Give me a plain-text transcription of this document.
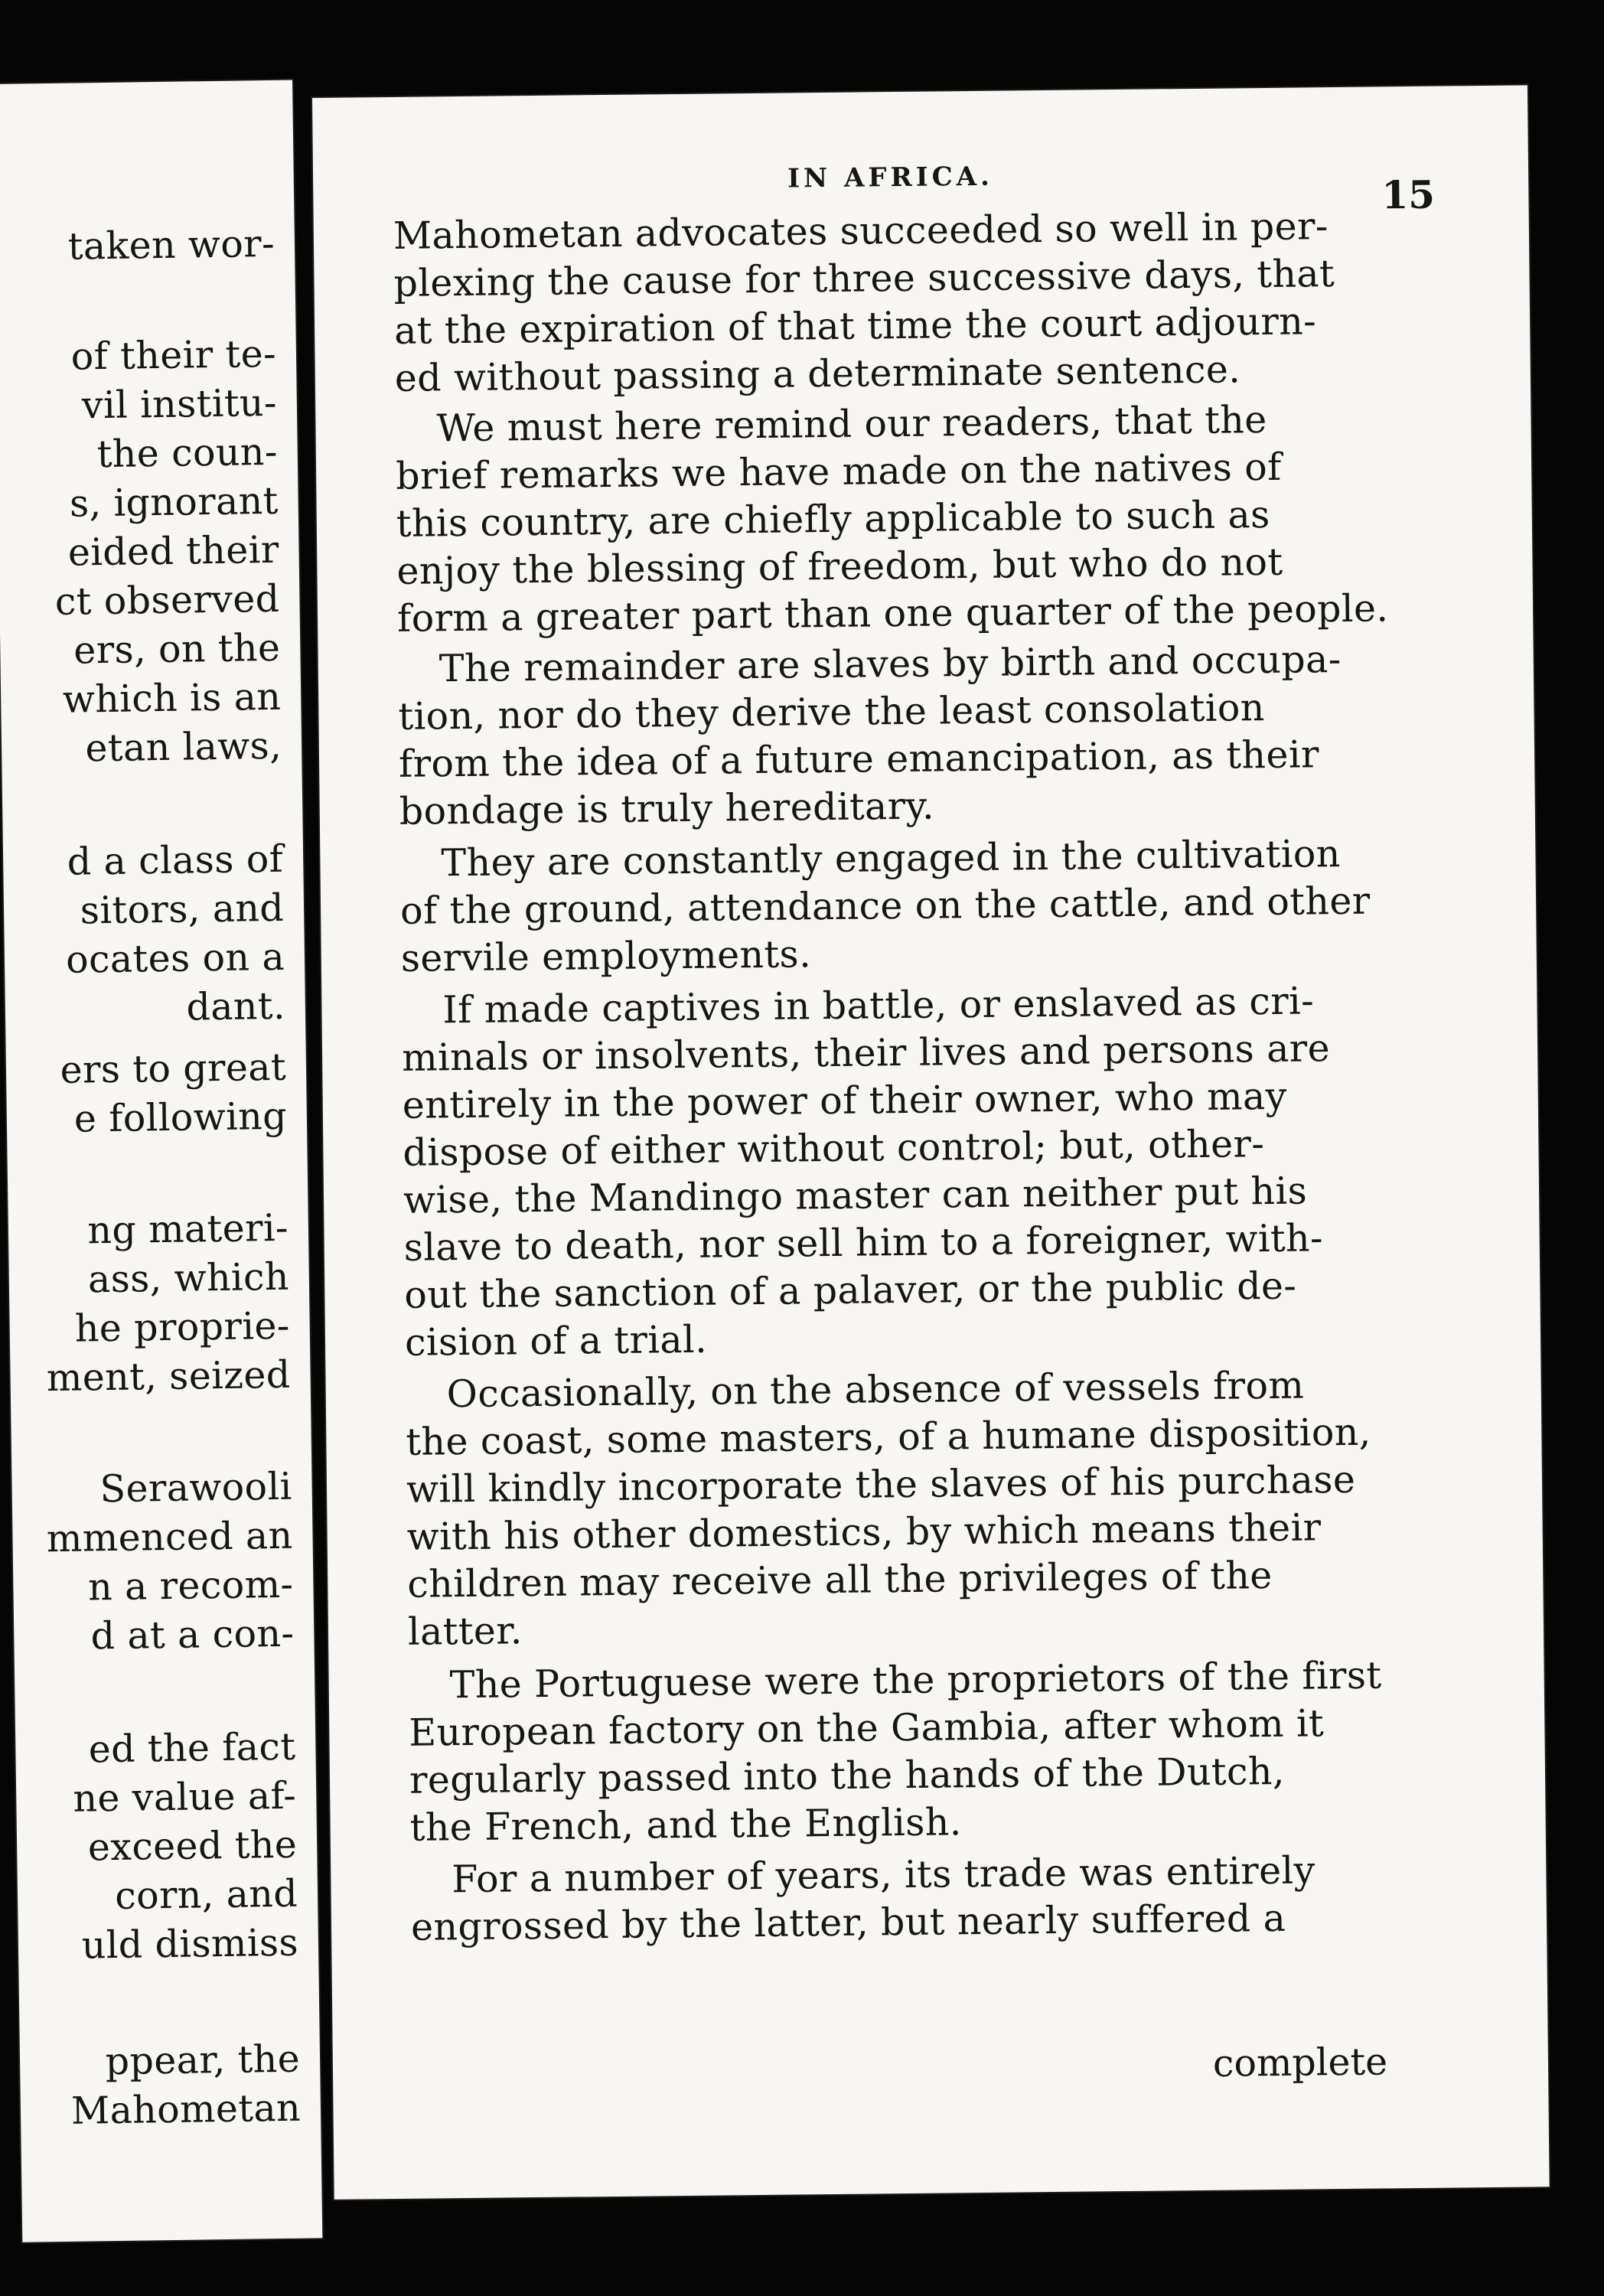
taken wor-
of their te-
vil institu-
the coun-
s, ignorant
eided their
ct observed
ers, on the
which is an
etan laws,
d a class of
sitors, and
ocates on a
dant.
ers to great
e following
ng materi-
ass, which
he proprie-
ment, seized
Serawooli
mmenced an
n a recom-
d at a con-
ed the fact
ne value af-
exceed the
corn, and
uld dismiss
ppear, the
Mahometan
IN AFRICA.	15
complete
Mahometan advocates succeeded so well in per-
plexing the cause for three successive days, that
at the expiration of that time the court adjourn-
ed without passing a determinate sentence.
We must here remind our readers, that the
brief remarks we have made on the natives of
this country, are chiefly applicable to such as
enjoy the blessing of freedom, but who do not
form a greater part than one quarter of the people.
The remainder are slaves by birth and occupa-
tion, nor do they derive the least consolation
from the idea of a future emancipation, as their
bondage is truly hereditary.
They are constantly engaged in the cultivation
of the ground, attendance on the cattle, and other
servile employments.
If made captives in battle, or enslaved as cri-
minals or insolvents, their lives and persons are
entirely in the power of their owner, who may
dispose of either without control; but, other-
wise, the Mandingo master can neither put his
slave to death, nor sell him to a foreigner, with-
out the sanction of a palaver, or the public de-
cision of a trial.
Occasionally, on the absence of vessels from
the coast, some masters, of a humane disposition,
will kindly incorporate the slaves of his purchase
with his other domestics, by which means their
children may receive all the privileges of the
latter.
The Portuguese were the proprietors of the first
European factory on the Gambia, after whom it
regularly passed into the hands of the Dutch,
the French, and the English.
For a number of years, its trade was entirely
engrossed by the latter, but nearly suffered a
